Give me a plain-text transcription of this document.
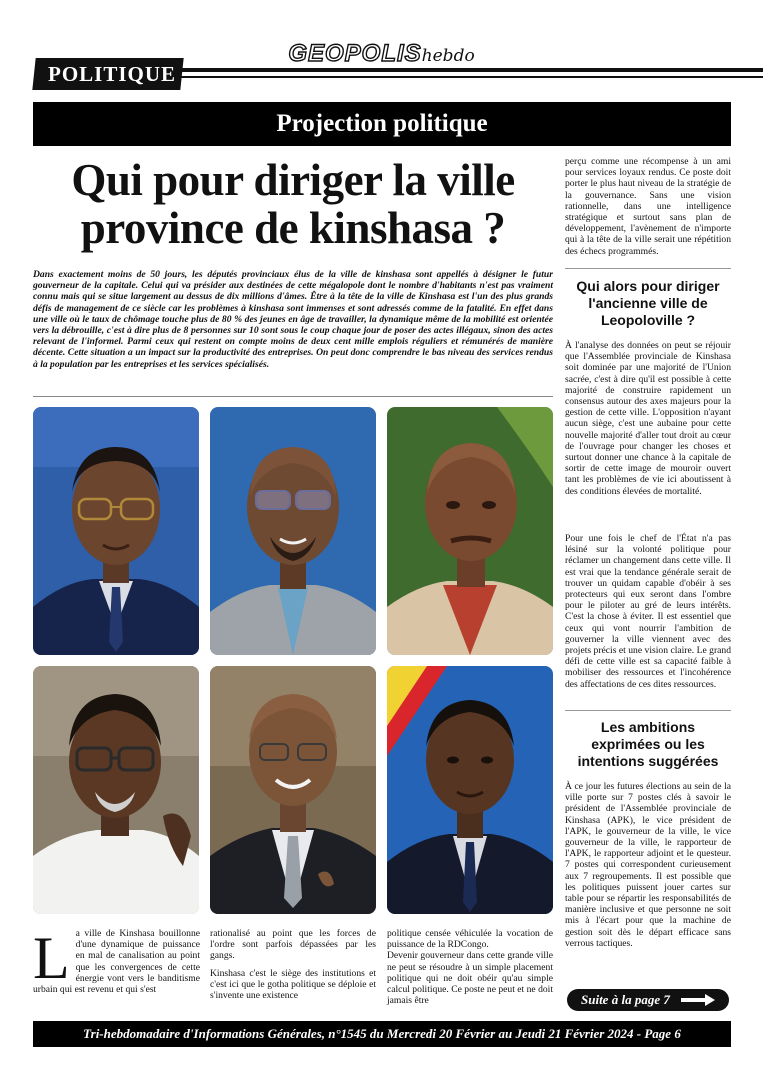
GEOPOLIShebdo
POLITIQUE
Projection politique
Qui pour diriger la ville province de kinshasa ?
Dans exactement moins de 50 jours, les députés provinciaux élus de la ville de kinshasa sont appellés à désigner le futur gouverneur de la capitale. Celui qui va présider aux destinées de cette mégalopole dont le nombre d'habitants n'est pas vraiment connu mais qui se situe largement au dessus de dix millions d'âmes. Être à la tête de la ville de Kinshasa est l'un des plus grands défis de management de ce siècle car les problèmes à kinshasa sont immenses et sont adressés comme de la fatalité. En effet dans une ville où le taux de chômage touche plus de 80 % des jeunes en âge de travailler, la dynamique même de la mobilité est orientée vers la débrouille, c'est à dire plus de 8 personnes sur 10 sont sous le coup chaque jour de poser des actes illégaux, sinon des actes relevant de l'informel. Parmi ceux qui restent on compte moins de deux cent mille emplois réguliers et rémunérés de manière décente. Cette situation a un impact sur la productivité des entreprises. On peut donc comprendre le bas niveau des services rendus à la population par les entreprises et les services spécialisés.
La ville de Kinshasa bouillonne d'une dynamique de puissance en mal de canalisation au point que les convergences de cette énergie vont vers le banditisme urbain qui est revenu et qui s'est

rationalisé au point que les forces de l'ordre sont parfois dépassées par les gangs.

Kinshasa c'est le siège des institutions et c'est ici que le gotha politique se déploie et s'invente une existence

politique censée véhiculée la vocation de puissance de la RDCongo.
Devenir gouverneur dans cette grande ville ne peut se résoudre à un simple placement politique qui ne doit obéir qu'au simple calcul politique. Ce poste ne peut et ne doit jamais être
perçu comme une récompense à un ami pour services loyaux rendus. Ce poste doit porter le plus haut niveau de la stratégie de la gouvernance. Sans une vision rationnelle, dans une intelligence stratégique et surtout sans plan de développement, l'avènement de n'importe qui à la tête de la ville serait une répétition des échecs programmés.
Qui alors pour diriger l'ancienne ville de Leopoloville ?
À l'analyse des données on peut se réjouir que l'Assemblée provinciale de Kinshasa soit dominée par une majorité de l'Union sacrée, c'est à dire qu'il est possible à cette majorité de construire rapidement un consensus autour des axes majeurs pour la gestion de cette ville. L'opposition n'ayant aucun siège, c'est une aubaine pour cette nouvelle majorité d'aller tout droit au cœur de l'ouvrage pour changer les choses et surtout donner une chance à la capitale de sortir de cette image de mouroir ouvert tant les problèmes de vie ici aboutissent à des conditions élevées de mortalité.
Pour une fois le chef de l'État n'a pas lésiné sur la volonté politique pour réclamer un changement dans cette ville. Il est vrai que la tendance générale serait de trouver un quidam capable d'obéir à ses protecteurs qui eux seront dans l'ombre pour le piloter au gré de leurs intérêts. C'est la chose à éviter. Il est essentiel que ceux qui vont nourrir l'ambition de gouverner la ville viennent avec des projets précis et une vision claire. Le grand défi de cette ville est sa capacité faible à mobiliser des ressources et l'incohérence des affectations de ces dites ressources.
Les ambitions exprimées ou les intentions suggérées
À ce jour les futures élections au sein de la ville porte sur 7 postes clés à savoir le président de l'Assemblée provinciale de Kinshasa (APK), le vice président de l'APK, le gouverneur de la ville, le vice gouverneur de la ville, le rapporteur de l'APK, le rapporteur adjoint et le questeur. 7 postes qui correspondent curieusement aux 7 regroupements. Il est possible que les politiques puissent jouer cartes sur table pour se répartir les responsabilités de manière inclusive et que personne ne soit mis à l'écart pour que la machine de gestion soit dès le départ efficace sans verrous tactiques.
Suite à la page 7
Tri-hebdomadaire d'Informations Générales, n°1545 du Mercredi 20 Février au Jeudi 21 Février 2024 - Page 6
